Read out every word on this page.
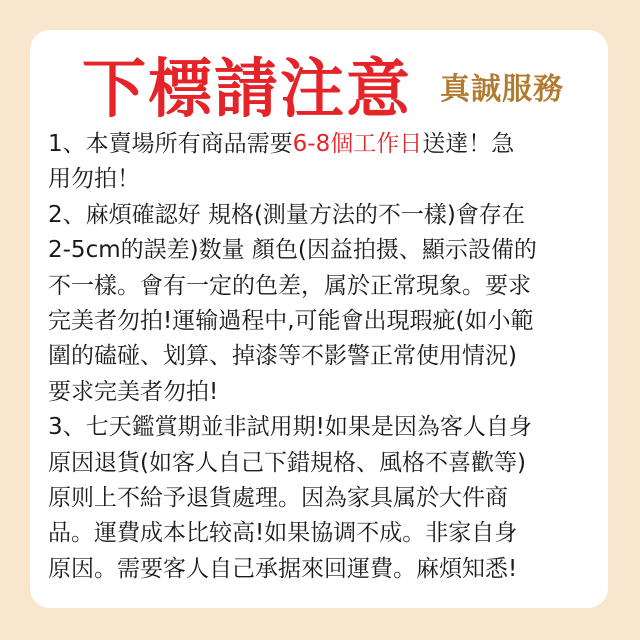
下標請注意 真誠服務
1、本賣場所有商品需要6-8個工作日送達！急
用勿拍！
2、麻煩確認好 規格(測量方法的不一樣)會存在
2-5cm的誤差)数量 顏色(因益拍摄、顯示設備的
不一樣。會有一定的色差，属於正常現象。要求
完美者勿拍!運输過程中,可能會出現瑕疵(如小範
圍的磕碰、划算、掉漆等不影警正常使用情況)
要求完美者勿拍!
3、七天鑑賞期並非試用期!如果是因為客人自身
原因退貨(如客人自己下錯規格、風格不喜歡等)
原则上不給予退貨處理。因為家具属於大件商
品。運費成本比较高!如果協调不成。非家自身
原因。需要客人自己承据來回運費。麻煩知悉!
